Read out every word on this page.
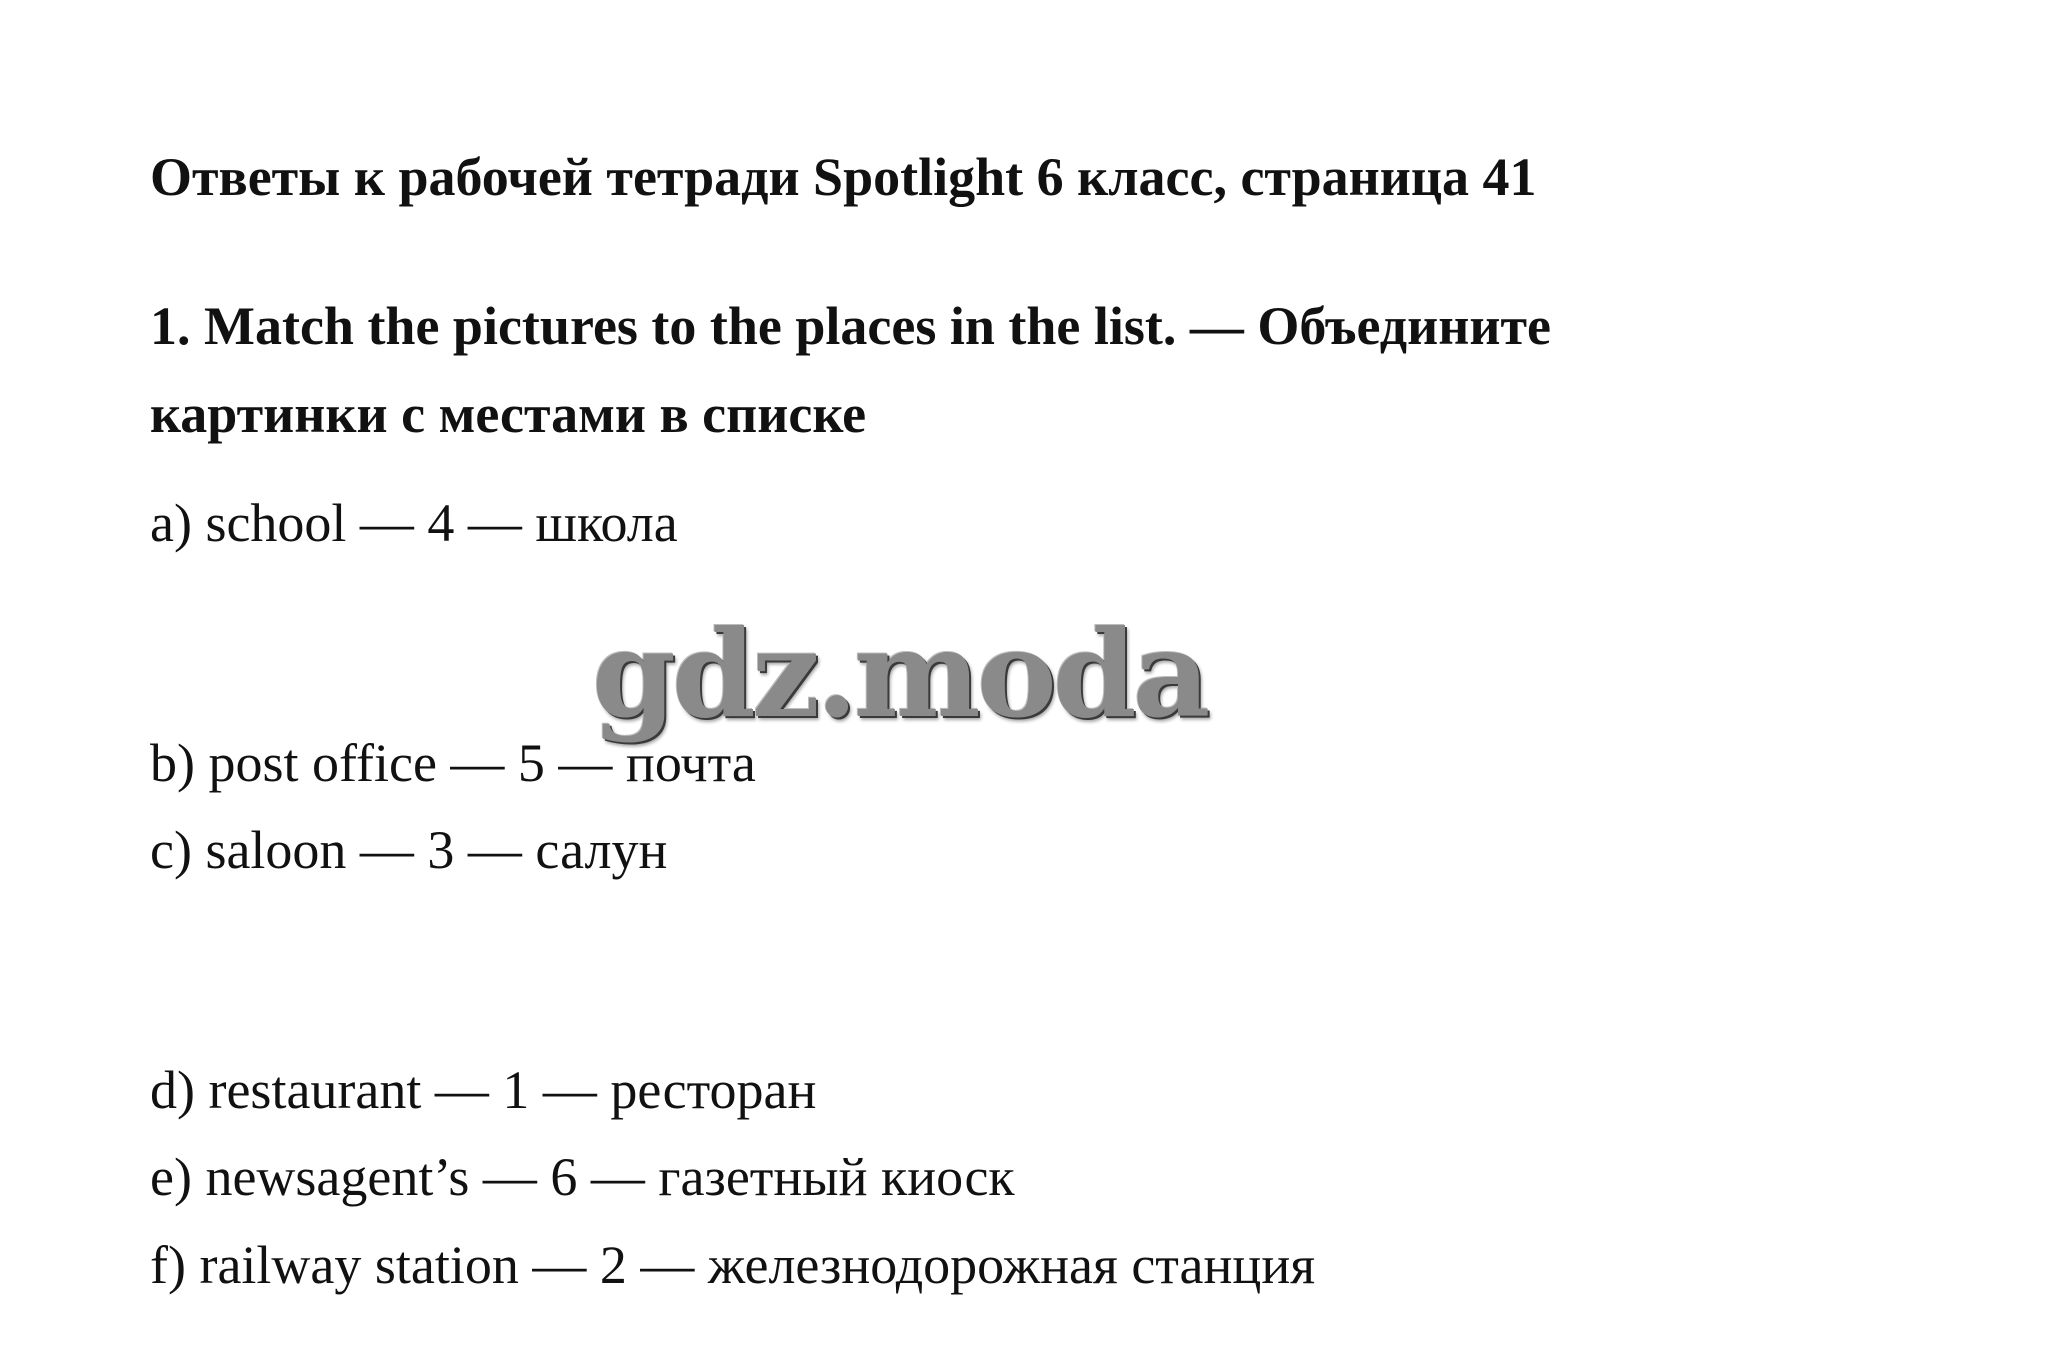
Ответы к рабочей тетради Spotlight 6 класс, страница 41
1. Match the pictures to the places in the list. — Объедините
картинки с местами в списке
a) school — 4 — школа
gdz.moda
b) post office — 5 — почта
c) saloon — 3 — салун
d) restaurant — 1 — ресторан
e) newsagent’s — 6 — газетный киоск
f) railway station — 2 — железнодорожная станция
